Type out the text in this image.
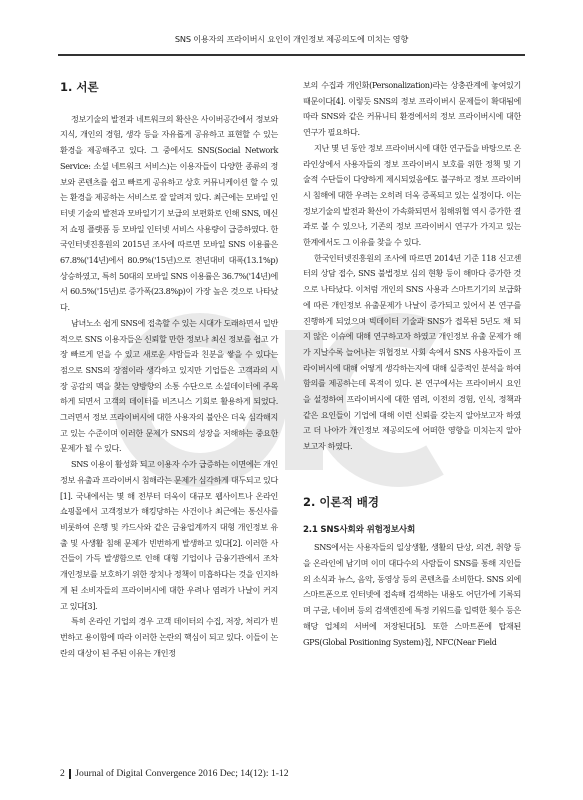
SNS 이용자의 프라이버시 요인이 개인정보 제공의도에 미치는 영향
1. 서론

정보기술의 발전과 네트워크의 확산은 사이버공간에서 정보와 지식, 개인의 경험, 생각 등을 자유롭게 공유하고 표현할 수 있는 환경을 제공해주고 있다. 그 중에서도 SNS(Social Network Service: 소셜 네트워크 서비스)는 이용자들이 다양한 종류의 정보와 콘텐츠를 쉽고 빠르게 공유하고 상호 커뮤니케이션 할 수 있는 환경을 제공하는 서비스로 잘 알려져 있다. 최근에는 모바일 인터넷 기술의 발전과 모바일기기 보급의 보편화로 인해 SNS, 메신저 쇼핑 플랫폼 등 모바일 인터넷 서비스 사용량이 급증하였다. 한국인터넷진흥원의 2015년 조사에 따르면 모바일 SNS 이용률은 67.8%('14년)에서 80.9%('15년)으로 전년대비 대폭(13.1%p) 상승하였고, 특히 50대의 모바일 SNS 이용률은 36.7%('14년)에서 60.5%('15년)로 증가폭(23.8%p)이 가장 높은 것으로 나타났다.

남녀노소 쉽게 SNS에 접촉할 수 있는 시대가 도래하면서 일반적으로 SNS 이용자들은 신뢰할 만한 정보나 최신 정보를 쉽고 가장 빠르게 얻을 수 있고 새로운 사람들과 친분을 쌓을 수 있다는 점으로 SNS의 장점이라 생각하고 있지만 기업들은 고객과의 시장 공감의 맥을 찾는 양방향의 소통 수단으로 소셜데이터에 주목하게 되면서 고객의 데이터를 비즈니스 기회로 활용하게 되었다. 그러면서 정보 프라이버시에 대한 사용자의 불안은 더욱 심각해지고 있는 수준이며 이러한 문제가 SNS의 성장을 저해하는 중요한 문제가 될 수 있다.

SNS 이용이 활성화 되고 이용자 수가 급증하는 이면에는 개인정보 유출과 프라이버시 침해라는 문제가 심각하게 대두되고 있다[1]. 국내에서는 몇 해 전부터 더욱이 대규모 웹사이트나 온라인 쇼핑몰에서 고객정보가 해킹당하는 사건이나 최근에는 통신사를 비롯하여 은행 및 카드사와 같은 금융업계까지 대형 개인정보 유출 및 사생활 침해 문제가 빈번하게 발생하고 있다[2]. 이러한 사건들이 가득 발생함으로 인해 대형 기업이나 금융기관에서 조차 개인정보를 보호하기 위한 장치나 정책이 미흡하다는 것을 인지하게 된 소비자들의 프라이버시에 대한 우려나 염려가 나날이 커지고 있다[3].

특히 온라인 기업의 경우 고객 데이터의 수집, 저장, 처리가 빈번하고 용이함에 따라 이러한 논란의 핵심이 되고 있다. 이들이 논란의 대상이 된 주된 이유는 개인정

보의 수집과 개인화(Personalization)라는 상충관계에 놓여있기 때문이다[4]. 이렇듯 SNS의 정보 프라이버시 문제들이 확대됨에 따라 SNS와 같은 커뮤니티 환경에서의 정보 프라이버시에 대한 연구가 필요하다.

지난 몇 년 동안 정보 프라이버시에 대한 연구들을 바탕으로 온라인상에서 사용자들의 정보 프라이버시 보호를 위한 정책 및 기술적 수단들이 다양하게 제시되었음에도 불구하고 정보 프라이버시 침해에 대한 우려는 오히려 더욱 증폭되고 있는 실정이다. 이는 정보기술의 발전과 확산이 가속화되면서 침해위협 역시 증가한 결과로 볼 수 있으나, 기존의 정보 프라이버시 연구가 가지고 있는 한계에서도 그 이유를 찾을 수 있다.

한국인터넷진흥원의 조사에 따르면 2014년 기준 118 신고센터의 상담 접수, SNS 불법정보 심의 현황 등이 해마다 증가한 것으로 나타났다. 이처럼 개인의 SNS 사용과 스마트기기의 보급화에 따른 개인정보 유출문제가 나날이 증가되고 있어서 본 연구를 진행하게 되었으며 빅데이터 기술과 SNS가 접목된 5년도 채 되지 않은 이슈에 대해 연구하고자 하였고 개인정보 유출 문제가 해가 지날수록 늘어나는 위협정보 사회 속에서 SNS 사용자들이 프라이버시에 대해 어떻게 생각하는지에 대해 실증적인 분석을 하여 함의를 제공하는데 목적이 있다. 본 연구에서는 프라이버시 요인을 설정하여 프라이버시에 대한 염려, 이전의 경험, 인식, 정책과 같은 요인들이 기업에 대해 이런 신뢰를 갖는지 알아보고자 하였고 더 나아가 개인정보 제공의도에 어떠한 영향을 미치는지 알아보고자 하였다.

2. 이론적 배경
2.1 SNS사회와 위험정보사회

SNS에서는 사용자들의 일상생활, 생활의 단상, 의견, 취향 등을 온라인에 남기며 이미 대다수의 사람들이 SNS를 통해 지인들의 소식과 뉴스, 음악, 동영상 등의 콘텐츠를 소비한다. SNS 외에 스마트폰으로 인터넷에 접속해 검색하는 내용도 어딘가에 기록되며 구글, 네이버 등의 검색엔진에 특정 키워드를 입력한 횟수 등은 해당 업체의 서버에 저장된다[5]. 또한 스마트폰에 탑재된 GPS(Global Positioning System)칩, NFC(Near Field

2 Journal of Digital Convergence 2016 Dec; 14(12): 1-12
